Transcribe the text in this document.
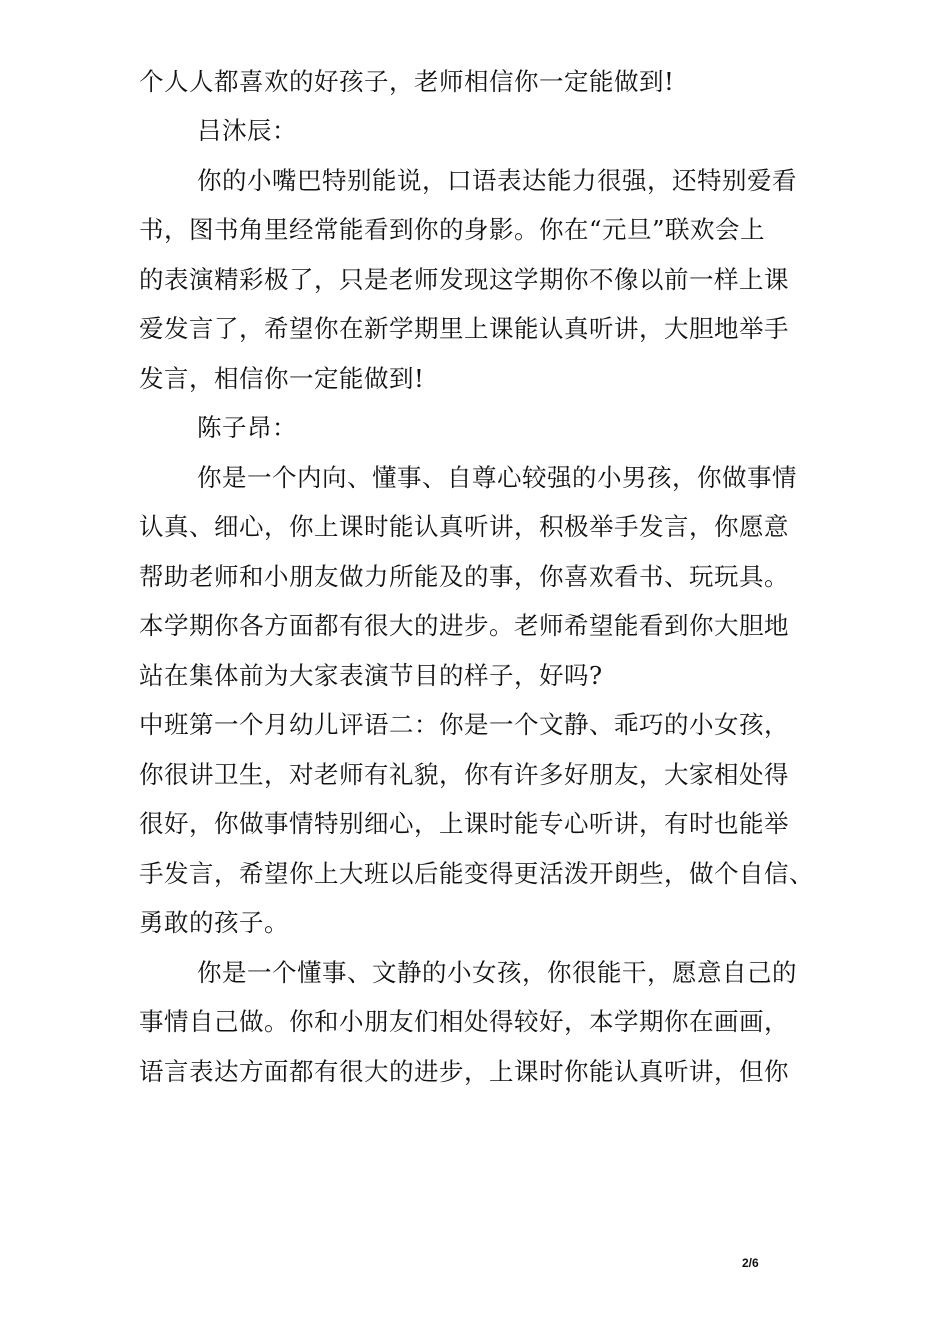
个人人都喜欢的好孩子，老师相信你一定能做到!
吕沐辰：
你的小嘴巴特别能说，口语表达能力很强，还特别爱看
书，图书角里经常能看到你的身影。你在“元旦”联欢会上
的表演精彩极了，只是老师发现这学期你不像以前一样上课
爱发言了，希望你在新学期里上课能认真听讲，大胆地举手
发言，相信你一定能做到!
陈子昂：
你是一个内向、懂事、自尊心较强的小男孩，你做事情
认真、细心，你上课时能认真听讲，积极举手发言，你愿意
帮助老师和小朋友做力所能及的事，你喜欢看书、玩玩具。
本学期你各方面都有很大的进步。老师希望能看到你大胆地
站在集体前为大家表演节目的样子，好吗?
中班第一个月幼儿评语二：你是一个文静、乖巧的小女孩，
你很讲卫生，对老师有礼貌，你有许多好朋友，大家相处得
很好，你做事情特别细心，上课时能专心听讲，有时也能举
手发言，希望你上大班以后能变得更活泼开朗些，做个自信、
勇敢的孩子。
你是一个懂事、文静的小女孩，你很能干，愿意自己的
事情自己做。你和小朋友们相处得较好，本学期你在画画，
语言表达方面都有很大的进步，上课时你能认真听讲，但你
2/6
